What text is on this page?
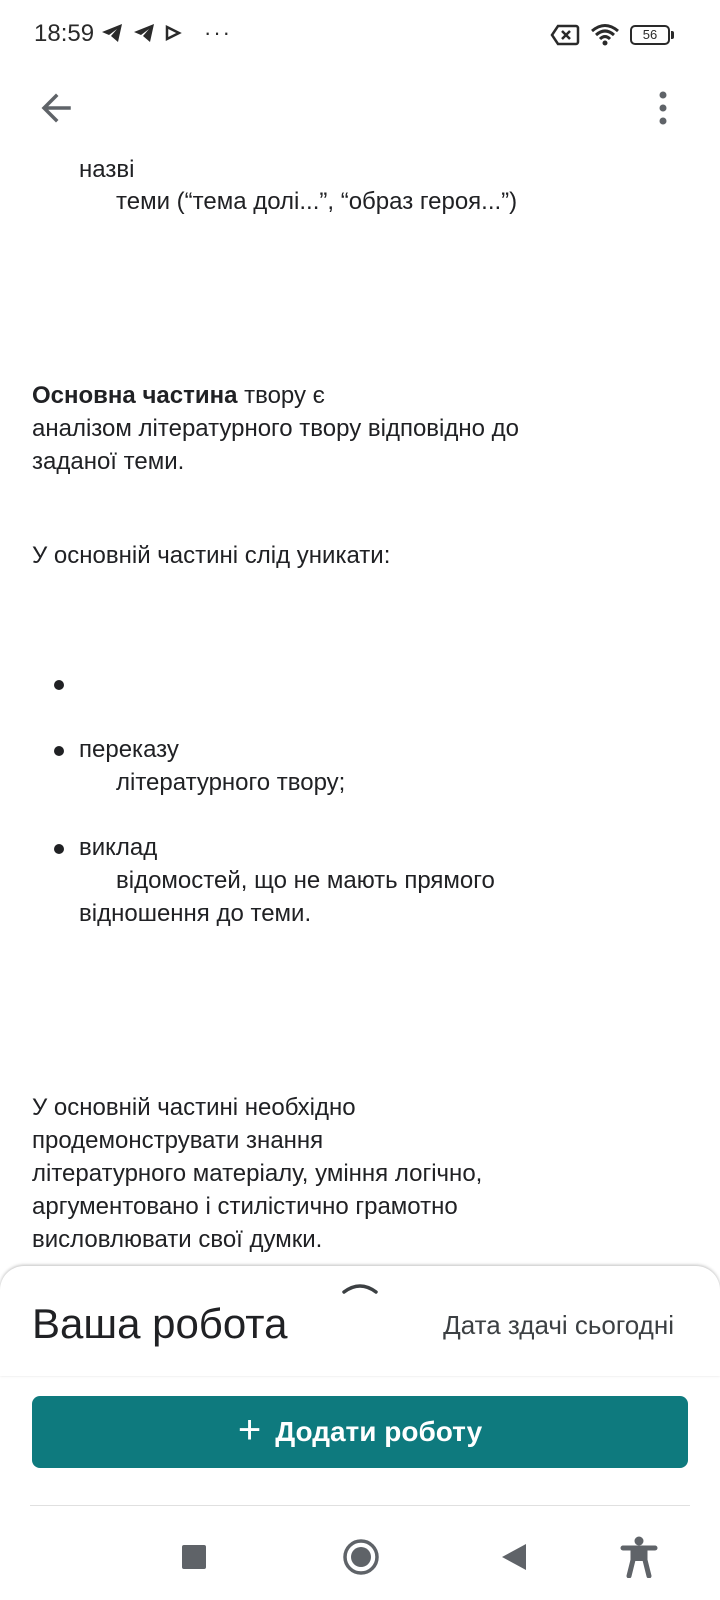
18:59	···	56
назві
теми (“тема долі...”, “образ героя...”)
Основна частина твору є
аналізом літературного твору відповідно до
заданої теми.
У основній частині слід уникати:
переказу
літературного твору;
виклад
відомостей, що не мають прямого
відношення до теми.
У основній частині необхідно
продемонструвати знання
літературного матеріалу, уміння логічно,
аргументовано і стилістично грамотно
висловлювати свої думки.
Ваша робота	Дата здачі сьогодні
+ Додати роботу
